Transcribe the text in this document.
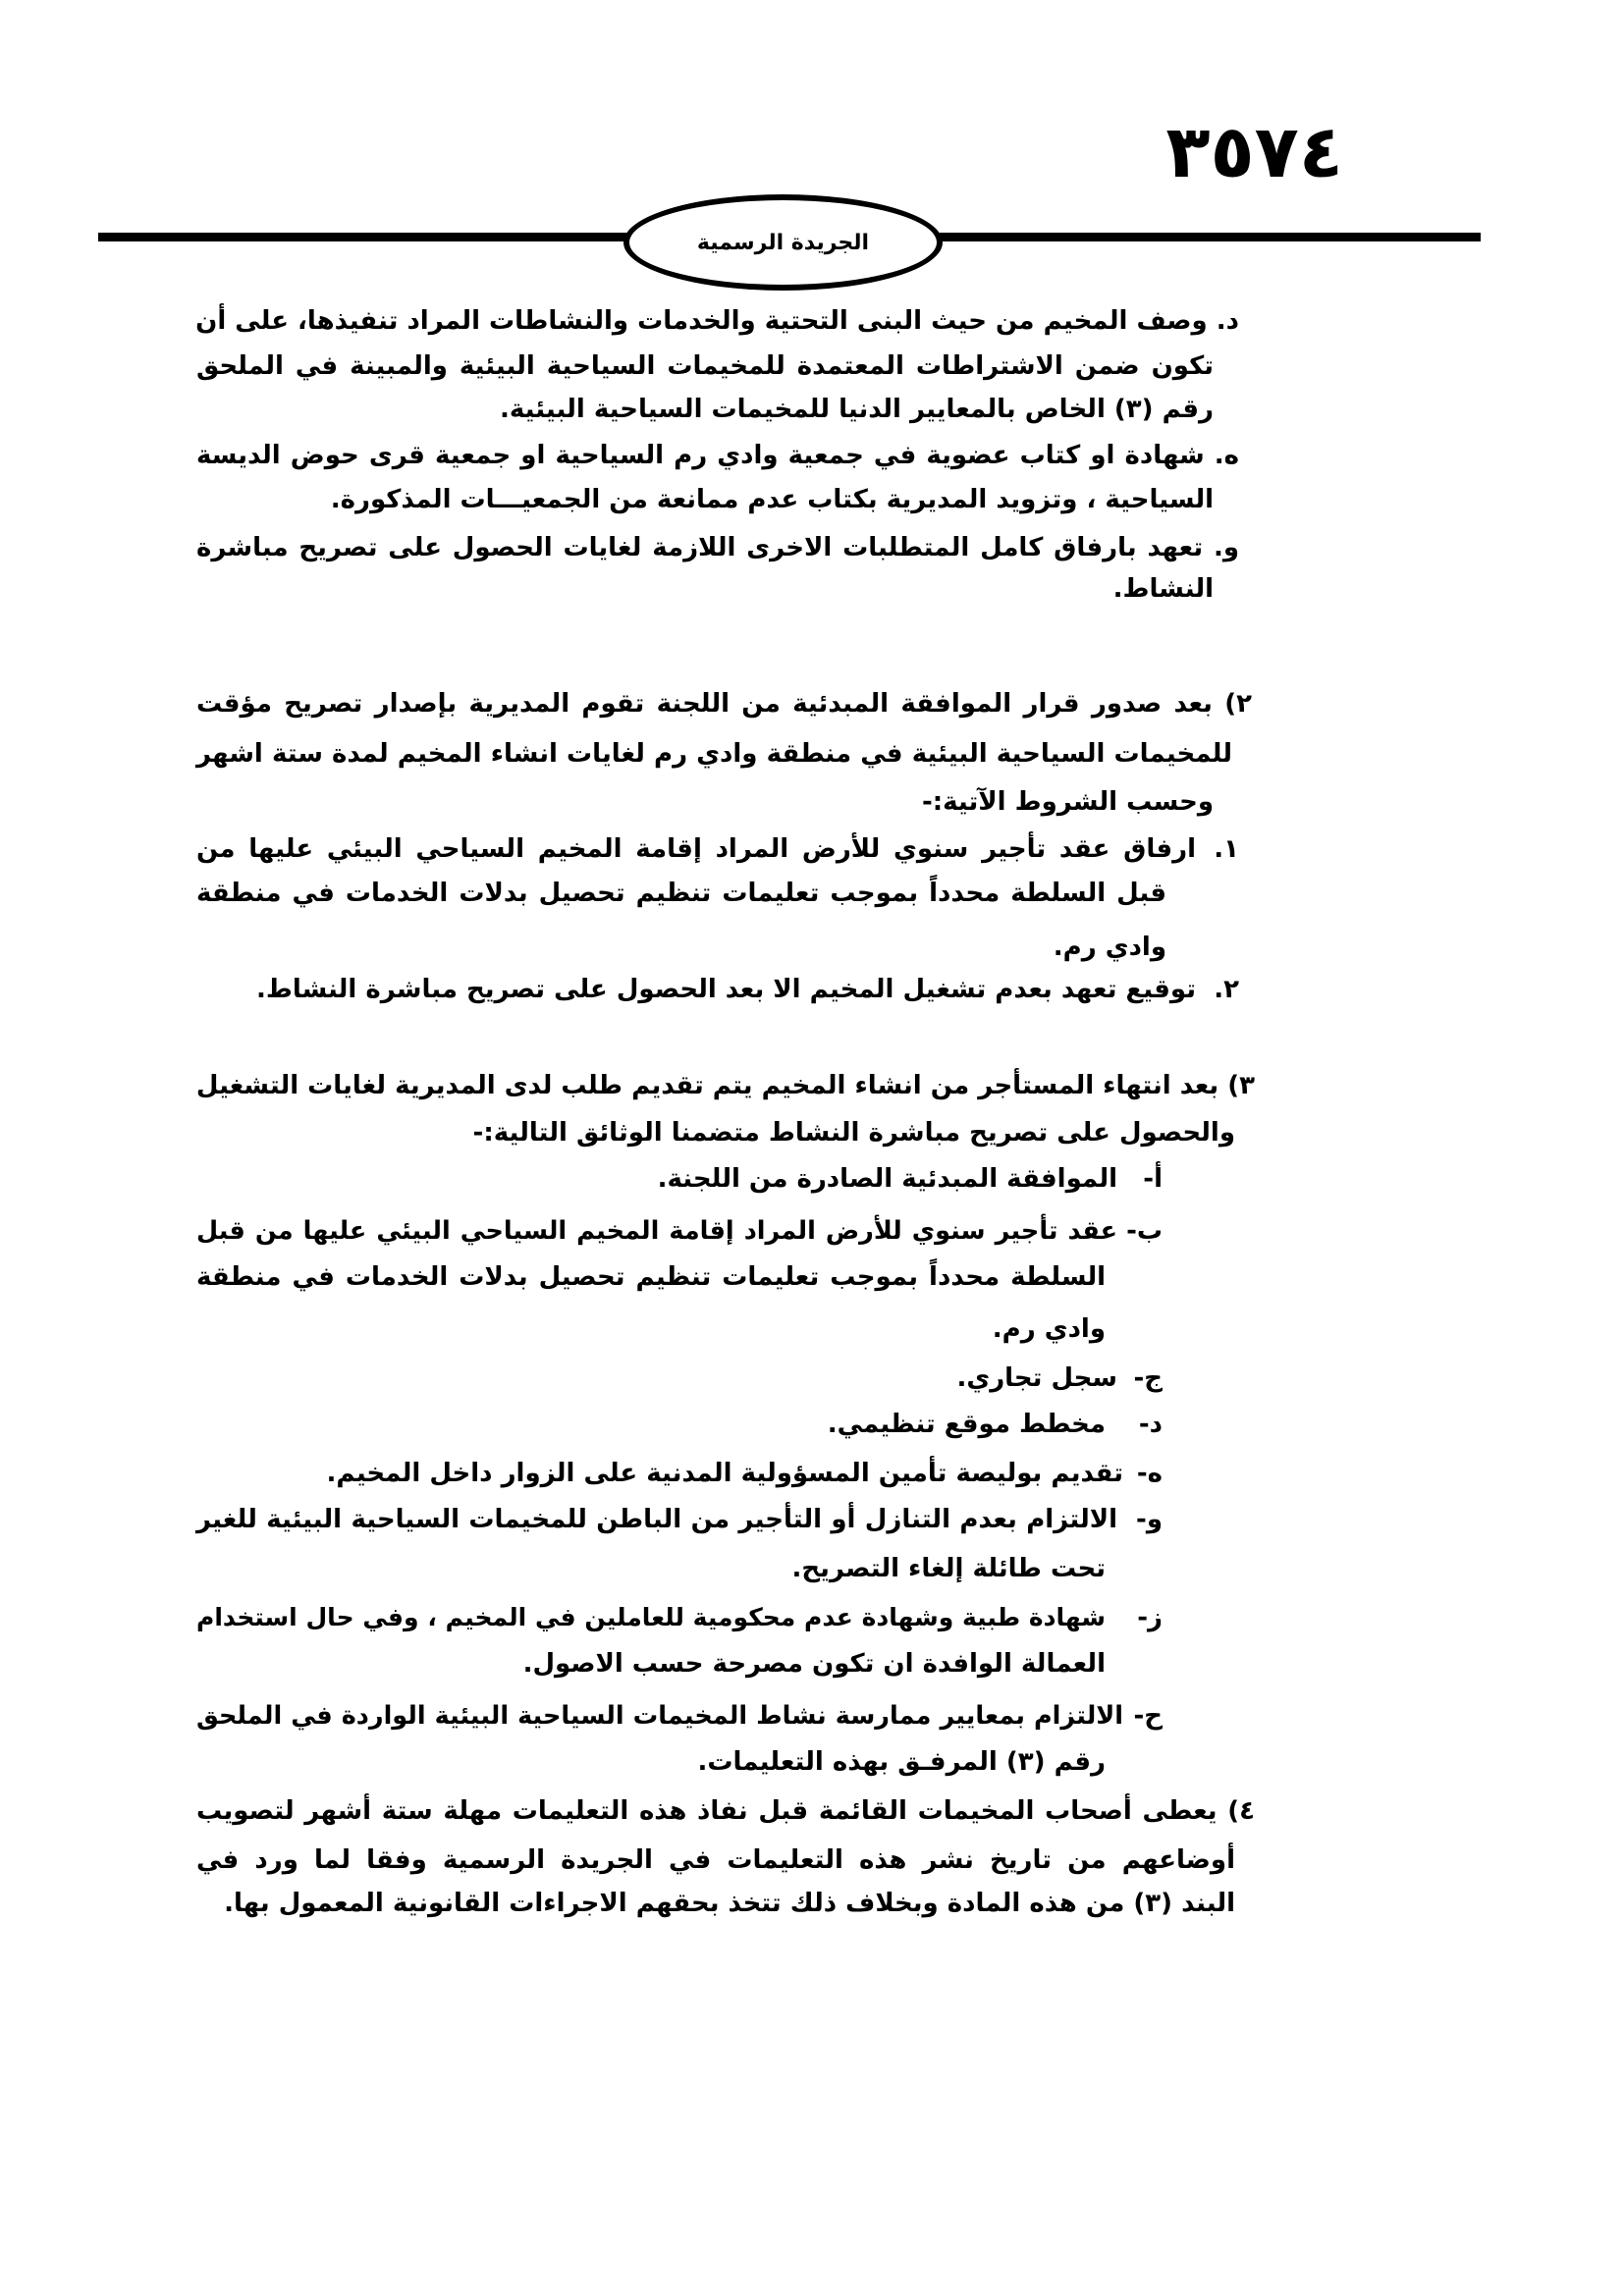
٣٥٧٤
الجريدة الرسمية
د. وصف المخيم من حيث البنى التحتية والخدمات والنشاطات المراد تنفيذها، على أن
تكون ضمن الاشتراطات المعتمدة للمخيمات السياحية البيئية والمبينة في الملحق
رقم (٣) الخاص بالمعايير الدنيا للمخيمات السياحية البيئية.
ه. شهادة او كتاب عضوية في جمعية وادي رم السياحية او جمعية قرى حوض الديسة
السياحية ، وتزويد المديرية بكتاب عدم ممانعة من الجمعيـــات المذكورة.
و. تعهد بارفاق كامل المتطلبات الاخرى اللازمة لغايات الحصول على تصريح مباشرة
النشاط.
٢) بعد صدور قرار الموافقة المبدئية من اللجنة تقوم المديرية بإصدار تصريح مؤقت
للمخيمات السياحية البيئية في منطقة وادي رم لغايات انشاء المخيم لمدة ستة اشهر
وحسب الشروط الآتية:-
١.
ارفاق عقد تأجير سنوي للأرض المراد إقامة المخيم السياحي البيئي عليها من
قبل السلطة محدداً بموجب تعليمات تنظيم تحصيل بدلات الخدمات في منطقة
وادي رم.
٢.
توقيع تعهد بعدم تشغيل المخيم الا بعد الحصول على تصريح مباشرة النشاط.
٣) بعد انتهاء المستأجر من انشاء المخيم يتم تقديم طلب لدى المديرية لغايات التشغيل
والحصول على تصريح مباشرة النشاط متضمنا الوثائق التالية:-
أ-
الموافقة المبدئية الصادرة من اللجنة.
ب-
عقد تأجير سنوي للأرض المراد إقامة المخيم السياحي البيئي عليها من قبل
السلطة محدداً بموجب تعليمات تنظيم تحصيل بدلات الخدمات في منطقة
وادي رم.
ج-
سجل تجاري.
د-
مخطط موقع تنظيمي.
ه-
تقديم بوليصة تأمين المسؤولية المدنية على الزوار داخل المخيم.
و-
الالتزام بعدم التنازل أو التأجير من الباطن للمخيمات السياحية البيئية للغير
تحت طائلة إلغاء التصريح.
ز-
شهادة طبية وشهادة عدم محكومية للعاملين في المخيم ، وفي حال استخدام
العمالة الوافدة ان تكون مصرحة حسب الاصول.
ح-
الالتزام بمعايير ممارسة نشاط المخيمات السياحية البيئية الواردة في الملحق
رقم (٣) المرفـق بهذه التعليمات.
٤) يعطى أصحاب المخيمات القائمة قبل نفاذ هذه التعليمات مهلة ستة أشهر لتصويب
أوضاعهم من تاريخ نشر هذه التعليمات في الجريدة الرسمية وفقا لما ورد في
البند (٣) من هذه المادة وبخلاف ذلك تتخذ بحقهم الاجراءات القانونية المعمول بها.
